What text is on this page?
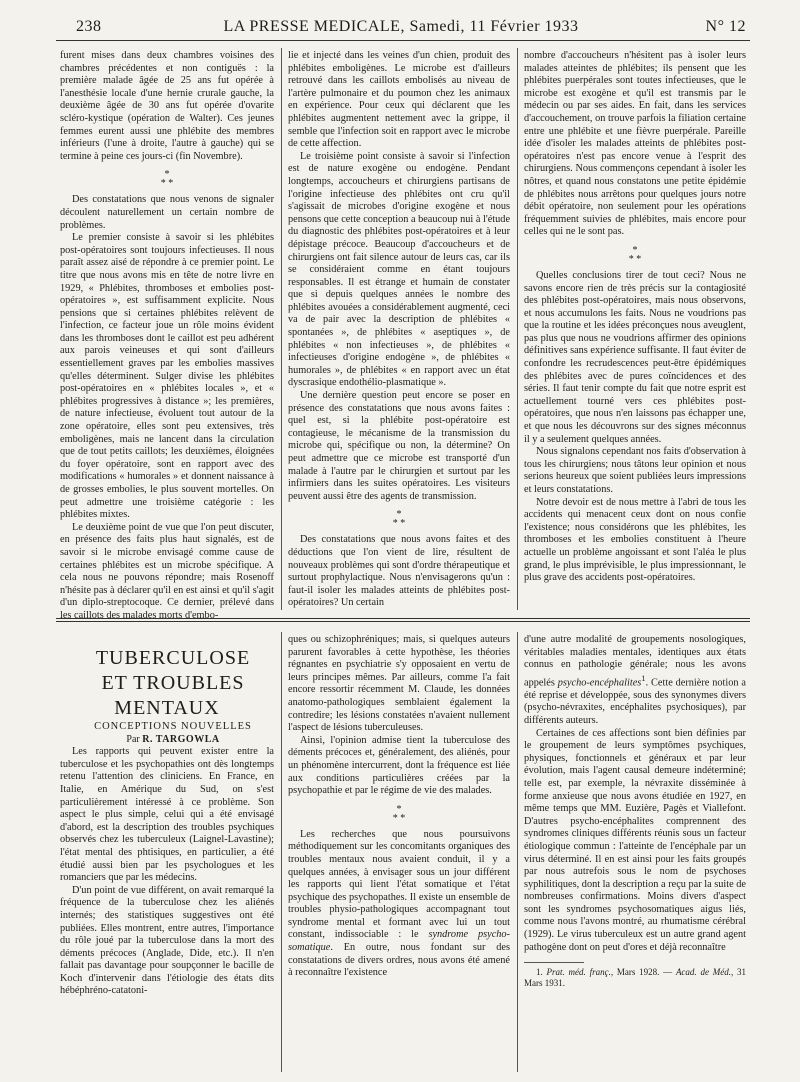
238	LA PRESSE MEDICALE, Samedi, 11 Février 1933	N° 12

furent mises dans deux chambres voisines des chambres précédentes et non contiguës : la première malade âgée de 25 ans fut opérée à l'anesthésie locale d'une hernie crurale gauche, la deuxième âgée de 30 ans fut opérée d'ovarite scléro-kystique (opération de Walter). Ces jeunes femmes eurent aussi une phlébite des membres inférieurs (l'une à droite, l'autre à gauche) qui se termine à peine ces jours-ci (fin Novembre).

*
* *

Des constatations que nous venons de signaler découlent naturellement un certain nombre de problèmes.

Le premier consiste à savoir si les phlébites post-opératoires sont toujours infectieuses. Il nous paraît assez aisé de répondre à ce premier point. Le titre que nous avons mis en tête de notre livre en 1929, « Phlébites, thromboses et embolies post-opératoires », est suffisamment explicite. Nous pensions que si certaines phlébites relèvent de l'infection, ce facteur joue un rôle moins évident dans les thromboses dont le caillot est peu adhérent aux parois veineuses et qui sont d'ailleurs essentiellement graves par les embolies massives qu'elles déterminent. Sulger divise les phlébites post-opératoires en « phlébites locales », et « phlébites progressives à distance »; les premières, de nature infectieuse, évoluent tout autour de la zone opératoire, elles sont peu extensives, très emboligènes, mais ne lancent dans la circulation que de tout petits caillots; les deuxièmes, éloignées du foyer opératoire, sont en rapport avec des modifications « humorales » et donnent naissance à de grosses embolies, le plus souvent mortelles. On peut admettre une troisième catégorie : les phlébites mixtes.

Le deuxième point de vue que l'on peut discuter, en présence des faits plus haut signalés, est de savoir si le microbe envisagé comme cause de certaines phlébites est un microbe spécifique. A cela nous ne pouvons répondre; mais Rosenoff n'hésite pas à déclarer qu'il en est ainsi et qu'il s'agit d'un diplo-streptocoque. Ce dernier, prélevé dans les caillots des malades morts d'embo-

lie et injecté dans les veines d'un chien, produit des phlébites emboligènes. Le microbe est d'ailleurs retrouvé dans les caillots embolisés au niveau de l'artère pulmonaire et du poumon chez les animaux en expérience. Pour ceux qui déclarent que les phlébites augmentent nettement avec la grippe, il semble que l'infection soit en rapport avec le microbe de cette affection.

Le troisième point consiste à savoir si l'infection est de nature exogène ou endogène. Pendant longtemps, accoucheurs et chirurgiens partisans de l'origine infectieuse des phlébites ont cru qu'il s'agissait de microbes d'origine exogène et nous pensons que cette conception a beaucoup nui à l'étude du diagnostic des phlébites post-opératoires et à leur dépistage précoce. Beaucoup d'accoucheurs et de chirurgiens ont fait silence autour de leurs cas, car ils se considéraient comme en étant toujours responsables. Il est étrange et humain de constater que si depuis quelques années le nombre des phlébites avouées a considérablement augmenté, ceci va de pair avec la description de phlébites « spontanées », de phlébites « aseptiques », de phlébites « non infectieuses », de phlébites « infectieuses d'origine endogène », de phlébites « humorales », de phlébites « en rapport avec un état dyscrasique endothélio-plasmatique ».

Une dernière question peut encore se poser en présence des constatations que nous avons faites : quel est, si la phlébite post-opératoire est contagieuse, le mécanisme de la transmission du microbe qui, spécifique ou non, la détermine? On peut admettre que ce microbe est transporté d'un malade à l'autre par le chirurgien et surtout par les infirmiers dans les suites opératoires. Les visiteurs peuvent aussi être des agents de transmission.

*
* *

Des constatations que nous avons faites et des déductions que l'on vient de lire, résultent de nouveaux problèmes qui sont d'ordre thérapeutique et surtout prophylactique. Nous n'envisagerons qu'un : faut-il isoler les malades atteints de phlébites post-opératoires? Un certain

nombre d'accoucheurs n'hésitent pas à isoler leurs malades atteintes de phlébites; ils pensent que les phlébites puerpérales sont toutes infectieuses, que le microbe est exogène et qu'il est transmis par le médecin ou par ses aides. En fait, dans les services d'accouchement, on trouve parfois la filiation certaine entre une phlébite et une fièvre puerpérale. Pareille idée d'isoler les malades atteints de phlébites post-opératoires n'est pas encore venue à l'esprit des chirurgiens. Nous commençons cependant à isoler les nôtres, et quand nous constatons une petite épidémie de phlébites nous arrêtons pour quelques jours notre débit opératoire, non seulement pour les opérations fréquemment suivies de phlébites, mais encore pour celles qui ne le sont pas.

*
* *

Quelles conclusions tirer de tout ceci? Nous ne savons encore rien de très précis sur la contagiosité des phlébites post-opératoires, mais nous observons, et nous accumulons les faits. Nous ne voudrions pas que la routine et les idées préconçues nous aveuglent, pas plus que nous ne voudrions affirmer des opinions définitives sans expérience suffisante. Il faut éviter de confondre les recrudescences peut-être épidémiques des phlébites avec de pures coïncidences et des séries. Il faut tenir compte du fait que notre esprit est actuellement tourné vers ces phlébites post-opératoires, que nous n'en laissons pas échapper une, et que nous les découvrons sur des signes méconnus il y a seulement quelques années.

Nous signalons cependant nos faits d'observation à tous les chirurgiens; nous tâtons leur opinion et nous serions heureux que soient publiées leurs impressions et leurs constatations.

Notre devoir est de nous mettre à l'abri de tous les accidents qui menacent ceux dont on nous confie l'existence; nous considérons que les phlébites, les thromboses et les embolies constituent à l'heure actuelle un problème angoissant et sont l'aléa le plus grand, le plus imprévisible, le plus impressionnant, le plus grave des accidents post-opératoires.

TUBERCULOSE

ET TROUBLES MENTAUX

CONCEPTIONS NOUVELLES

Par R. TARGOWLA

Les rapports qui peuvent exister entre la tuberculose et les psychopathies ont dès longtemps retenu l'attention des cliniciens. En France, en Italie, en Amérique du Sud, on s'est particulièrement intéressé à ce problème. Son aspect le plus simple, celui qui a été envisagé d'abord, est la description des troubles psychiques observés chez les tuberculeux (Laignel-Lavastine); l'état mental des phtisiques, en particulier, a été étudié aussi bien par les psychologues et les romanciers que par les médecins.

D'un point de vue différent, on avait remarqué la fréquence de la tuberculose chez les aliénés internés; des statistiques suggestives ont été publiées. Elles montrent, entre autres, l'importance du rôle joué par la tuberculose dans la mort des déments précoces (Anglade, Dide, etc.). Il n'en fallait pas davantage pour soupçonner le bacille de Koch d'intervenir dans l'étiologie des états dits hébéphréno-catatoni-

ques ou schizophréniques; mais, si quelques auteurs parurent favorables à cette hypothèse, les théories régnantes en psychiatrie s'y opposaient en vertu de leurs principes mêmes. Par ailleurs, comme l'a fait encore ressortir récemment M. Claude, les données anatomo-pathologiques semblaient également la contredire; les lésions constatées n'avaient nullement l'aspect de lésions tuberculeuses.

Ainsi, l'opinion admise tient la tuberculose des déments précoces et, généralement, des aliénés, pour un phénomène intercurrent, dont la fréquence est liée aux conditions particulières créées par la psychopathie et par le régime de vie des malades.

*
* *

Les recherches que nous poursuivons méthodiquement sur les concomitants organiques des troubles mentaux nous avaient conduit, il y a quelques années, à envisager sous un jour différent les rapports qui lient l'état somatique et l'état psychique des psychopathes. Il existe un ensemble de troubles physio-pathologiques accompagnant tout syndrome mental et formant avec lui un tout constant, indissociable : le syndrome psycho-somatique. En outre, nous fondant sur des constatations de divers ordres, nous avons été amené à reconnaître l'existence

d'une autre modalité de groupements nosologiques, véritables maladies mentales, identiques aux états connus en pathologie générale; nous les avons appelés psycho-encéphalites$^1$. Cette dernière notion a été reprise et développée, sous des synonymes divers (psycho-névraxites, encéphalites psychosiques), par différents auteurs.

Certaines de ces affections sont bien définies par le groupement de leurs symptômes psychiques, physiques, fonctionnels et généraux et par leur évolution, mais l'agent causal demeure indéterminé; telle est, par exemple, la névraxite disséminée à forme anxieuse que nous avons étudiée en 1927, en même temps que MM. Euzière, Pagès et Viallefont. D'autres psycho-encéphalites comprennent des syndromes cliniques différents réunis sous un facteur étiologique commun : l'atteinte de l'encéphale par un virus déterminé. Il en est ainsi pour les faits groupés par nous autrefois sous le nom de psychoses syphilitiques, dont la description a reçu par la suite de nombreuses confirmations. Moins divers d'aspect sont les syndromes psychosomatiques aigus liés, comme nous l'avons montré, au rhumatisme cérébral (1929). Le virus tuberculeux est un autre grand agent pathogène dont on peut d'ores et déjà reconnaître

1. Prat. méd. franç., Mars 1928. — Acad. de Méd., 31 Mars 1931.
